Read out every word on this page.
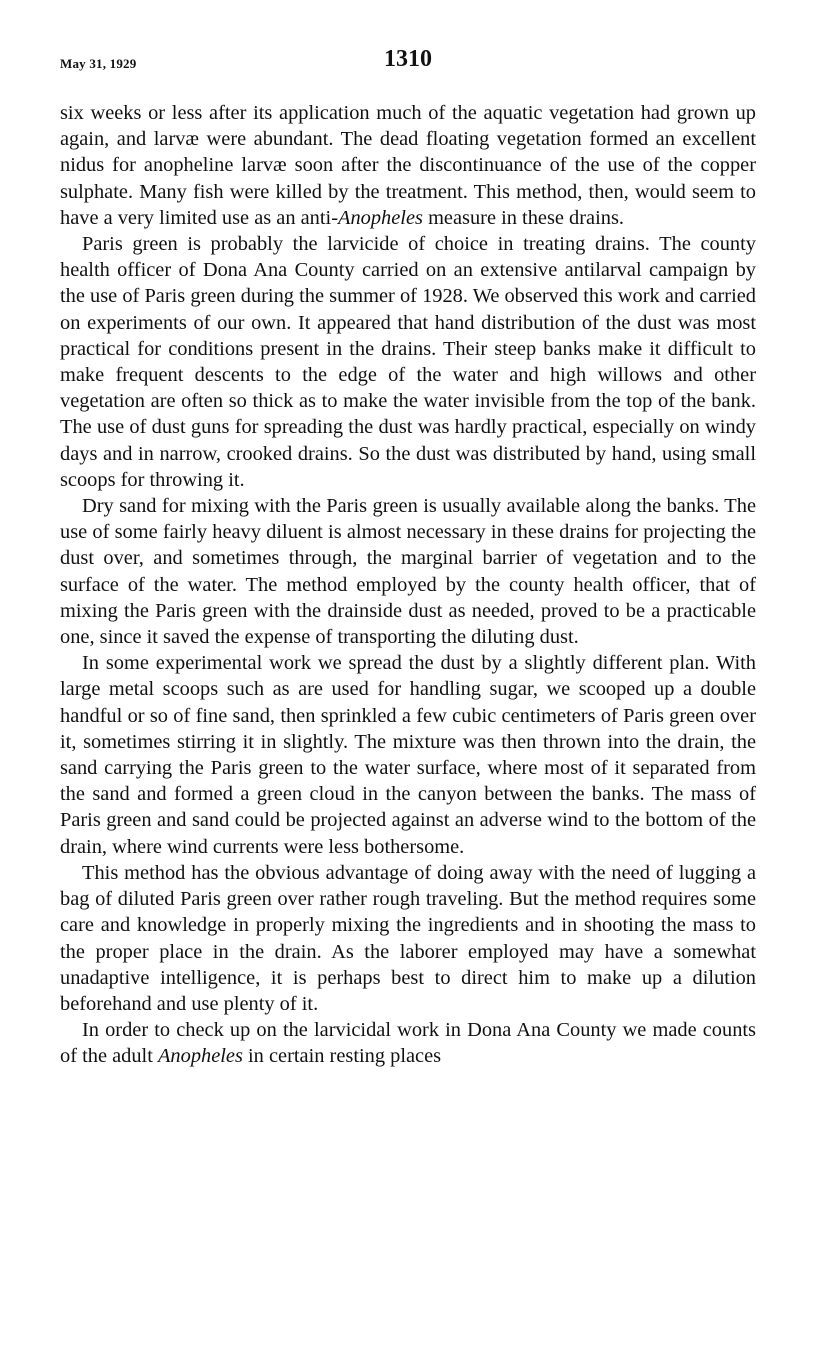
May 31, 1929	1310

six weeks or less after its application much of the aquatic vegetation had grown up again, and larvæ were abundant. The dead floating vegetation formed an excellent nidus for anopheline larvæ soon after the discontinuance of the use of the copper sulphate. Many fish were killed by the treatment. This method, then, would seem to have a very limited use as an anti-Anopheles measure in these drains.

Paris green is probably the larvicide of choice in treating drains. The county health officer of Dona Ana County carried on an extensive antilarval campaign by the use of Paris green during the summer of 1928. We observed this work and carried on experiments of our own. It appeared that hand distribution of the dust was most practical for conditions present in the drains. Their steep banks make it difficult to make frequent descents to the edge of the water and high willows and other vegetation are often so thick as to make the water invisible from the top of the bank. The use of dust guns for spreading the dust was hardly practical, especially on windy days and in narrow, crooked drains. So the dust was distributed by hand, using small scoops for throwing it.

Dry sand for mixing with the Paris green is usually available along the banks. The use of some fairly heavy diluent is almost necessary in these drains for projecting the dust over, and sometimes through, the marginal barrier of vegetation and to the surface of the water. The method employed by the county health officer, that of mixing the Paris green with the drainside dust as needed, proved to be a practicable one, since it saved the expense of transporting the diluting dust.

In some experimental work we spread the dust by a slightly different plan. With large metal scoops such as are used for handling sugar, we scooped up a double handful or so of fine sand, then sprinkled a few cubic centimeters of Paris green over it, sometimes stirring it in slightly. The mixture was then thrown into the drain, the sand carrying the Paris green to the water surface, where most of it separated from the sand and formed a green cloud in the canyon between the banks. The mass of Paris green and sand could be projected against an adverse wind to the bottom of the drain, where wind currents were less bothersome.

This method has the obvious advantage of doing away with the need of lugging a bag of diluted Paris green over rather rough traveling. But the method requires some care and knowledge in properly mixing the ingredients and in shooting the mass to the proper place in the drain. As the laborer employed may have a somewhat unadaptive intelligence, it is perhaps best to direct him to make up a dilution beforehand and use plenty of it.

In order to check up on the larvicidal work in Dona Ana County we made counts of the adult Anopheles in certain resting places
